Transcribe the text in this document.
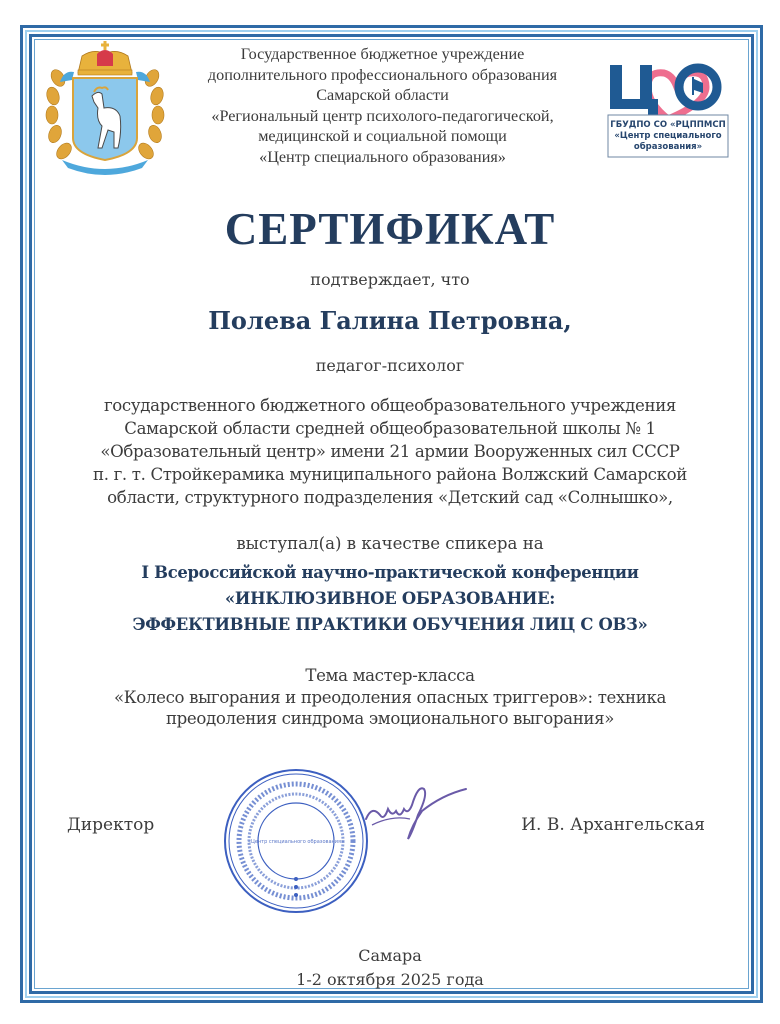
Государственное бюджетное учреждение
дополнительного профессионального образования
Самарской области
«Региональный центр психолого-педагогической,
медицинской и социальной помощи
«Центр специального образования»
ГБУДПО СО «РЦППМСП
«Центр специального
образования»
СЕРТИФИКАТ
подтверждает, что
Полева Галина Петровна,
педагог-психолог
государственного бюджетного общеобразовательного учреждения
Самарской области средней общеобразовательной школы № 1
«Образовательный центр» имени 21 армии Вооруженных сил СССР
п. г. т. Стройкерамика муниципального района Волжский Самарской
области, структурного подразделения «Детский сад «Солнышко»,
выступал(а) в качестве спикера на
I Всероссийской научно-практической конференции
«ИНКЛЮЗИВНОЕ ОБРАЗОВАНИЕ:
ЭФФЕКТИВНЫЕ ПРАКТИКИ ОБУЧЕНИЯ ЛИЦ С ОВЗ»
Тема мастер-класса
«Колесо выгорания и преодоления опасных триггеров»: техника
преодоления синдрома эмоционального выгорания»
Директор	И. В. Архангельская
«Центр специального образования»
Самара
1-2 октября 2025 года
